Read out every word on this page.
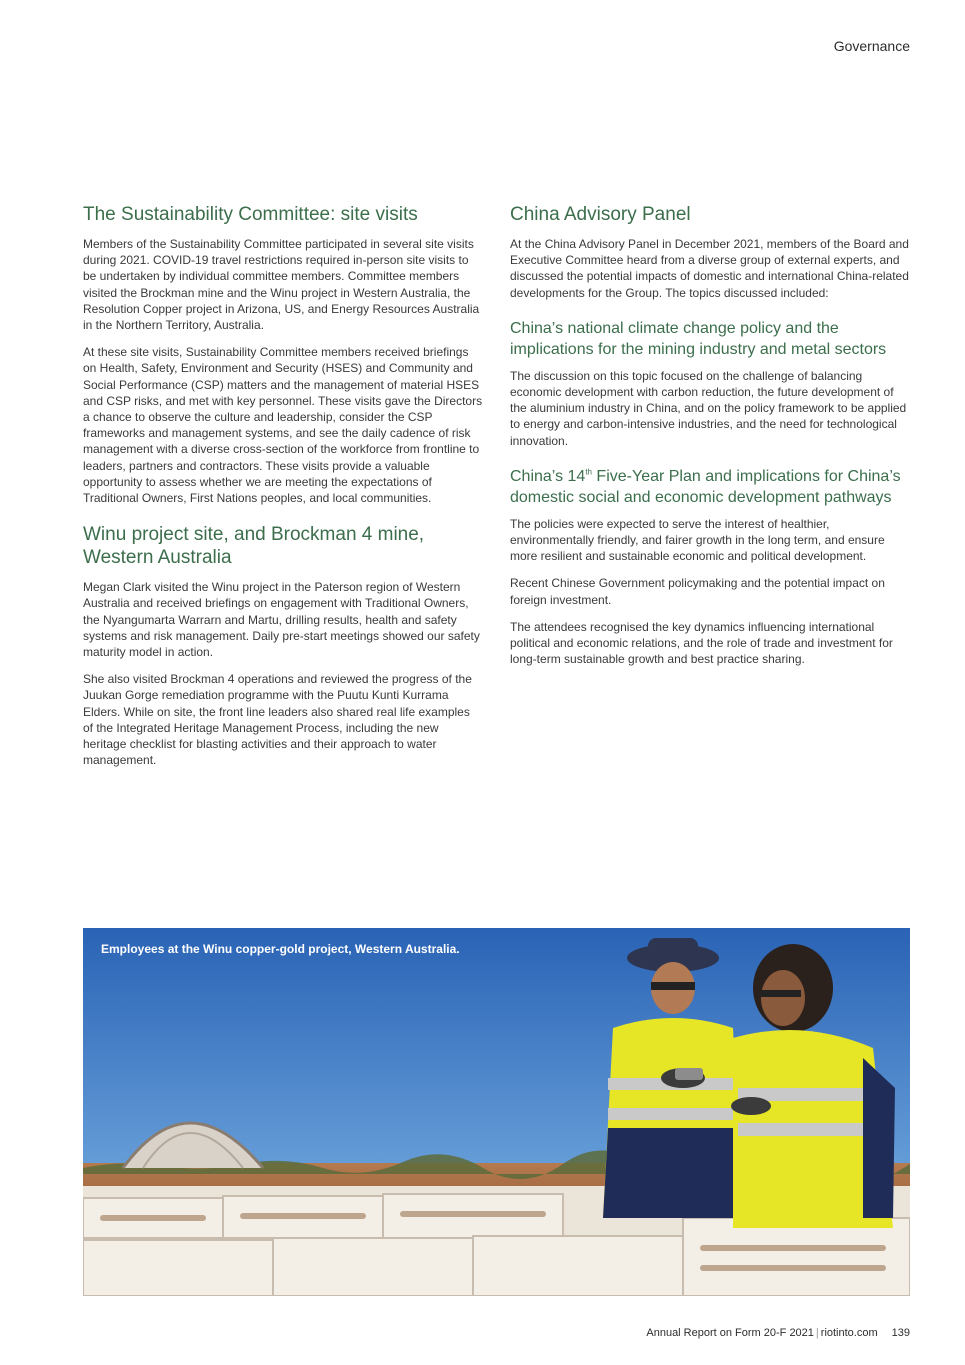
Governance
The Sustainability Committee: site visits

Members of the Sustainability Committee participated in several site visits during 2021. COVID-19 travel restrictions required in-person site visits to be undertaken by individual committee members. Committee members visited the Brockman mine and the Winu project in Western Australia, the Resolution Copper project in Arizona, US, and Energy Resources Australia in the Northern Territory, Australia.

At these site visits, Sustainability Committee members received briefings on Health, Safety, Environment and Security (HSES) and Community and Social Performance (CSP) matters and the management of material HSES and CSP risks, and met with key personnel. These visits gave the Directors a chance to observe the culture and leadership, consider the CSP frameworks and management systems, and see the daily cadence of risk management with a diverse cross-section of the workforce from frontline to leaders, partners and contractors. These visits provide a valuable opportunity to assess whether we are meeting the expectations of Traditional Owners, First Nations peoples, and local communities.

Winu project site, and Brockman 4 mine, Western Australia

Megan Clark visited the Winu project in the Paterson region of Western Australia and received briefings on engagement with Traditional Owners, the Nyangumarta Warrarn and Martu, drilling results, health and safety systems and risk management. Daily pre-start meetings showed our safety maturity model in action.

She also visited Brockman 4 operations and reviewed the progress of the Juukan Gorge remediation programme with the Puutu Kunti Kurrama Elders. While on site, the front line leaders also shared real life examples of the Integrated Heritage Management Process, including the new heritage checklist for blasting activities and their approach to water management.

China Advisory Panel

At the China Advisory Panel in December 2021, members of the Board and Executive Committee heard from a diverse group of external experts, and discussed the potential impacts of domestic and international China-related developments for the Group. The topics discussed included:

China’s national climate change policy and the implications for the mining industry and metal sectors

The discussion on this topic focused on the challenge of balancing economic development with carbon reduction, the future development of the aluminium industry in China, and on the policy framework to be applied to energy and carbon-intensive industries, and the need for technological innovation.

China’s 14th Five-Year Plan and implications for China’s domestic social and economic development pathways

The policies were expected to serve the interest of healthier, environmentally friendly, and fairer growth in the long term, and ensure more resilient and sustainable economic and political development.

Recent Chinese Government policymaking and the potential impact on foreign investment.

The attendees recognised the key dynamics influencing international political and economic relations, and the role of trade and investment for long-term sustainable growth and best practice sharing.

Employees at the Winu copper-gold project, Western Australia.
Annual Report on Form 20-F 2021 | riotinto.com 139
